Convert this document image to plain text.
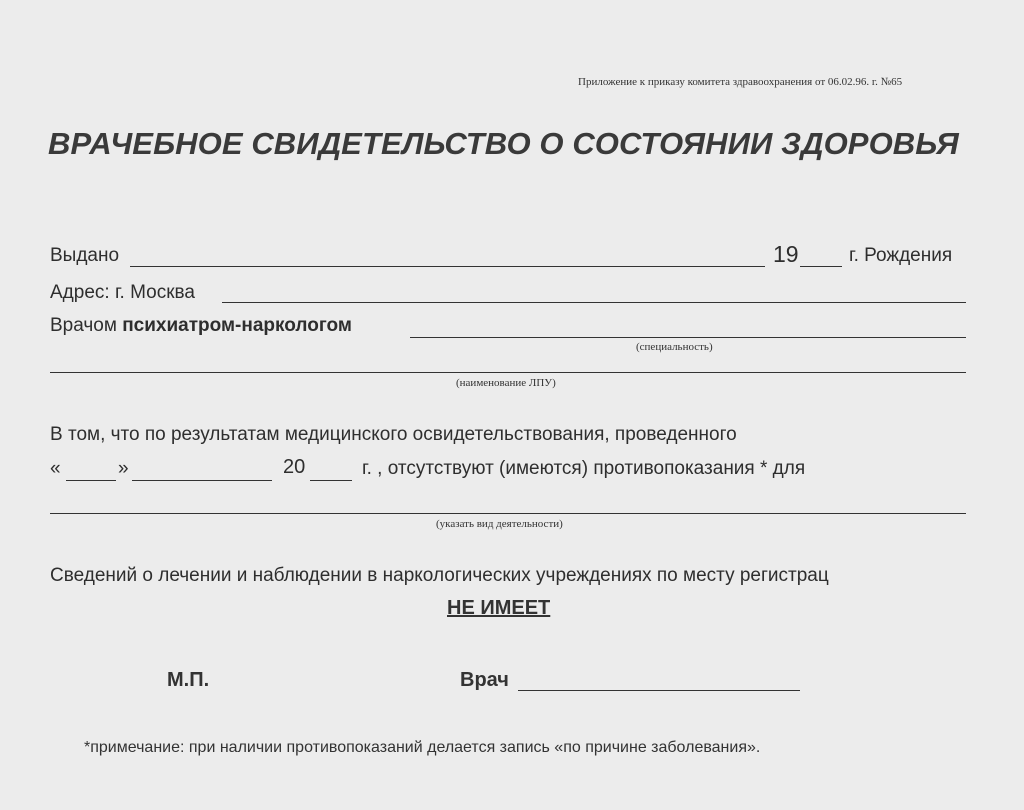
Приложение к приказу комитета здравоохранения от 06.02.96. г. №65
ВРАЧЕБНОЕ СВИДЕТЕЛЬСТВО О СОСТОЯНИИ ЗДОРОВЬЯ
Выдано	19	г. Рождения
Адрес: г. Москва
Врачом психиатром-наркологом
(специальность)
(наименование ЛПУ)
В том, что по результатам медицинского освидетельствования, проведенного
«	»	20	г. , отсутствуют (имеются) противопоказания * для
(указать вид деятельности)
Сведений о лечении и наблюдении в наркологических учреждениях по месту регистрац
НЕ ИМЕЕТ
М.П.	Врач
*примечание: при наличии противопоказаний делается запись «по причине заболевания».
